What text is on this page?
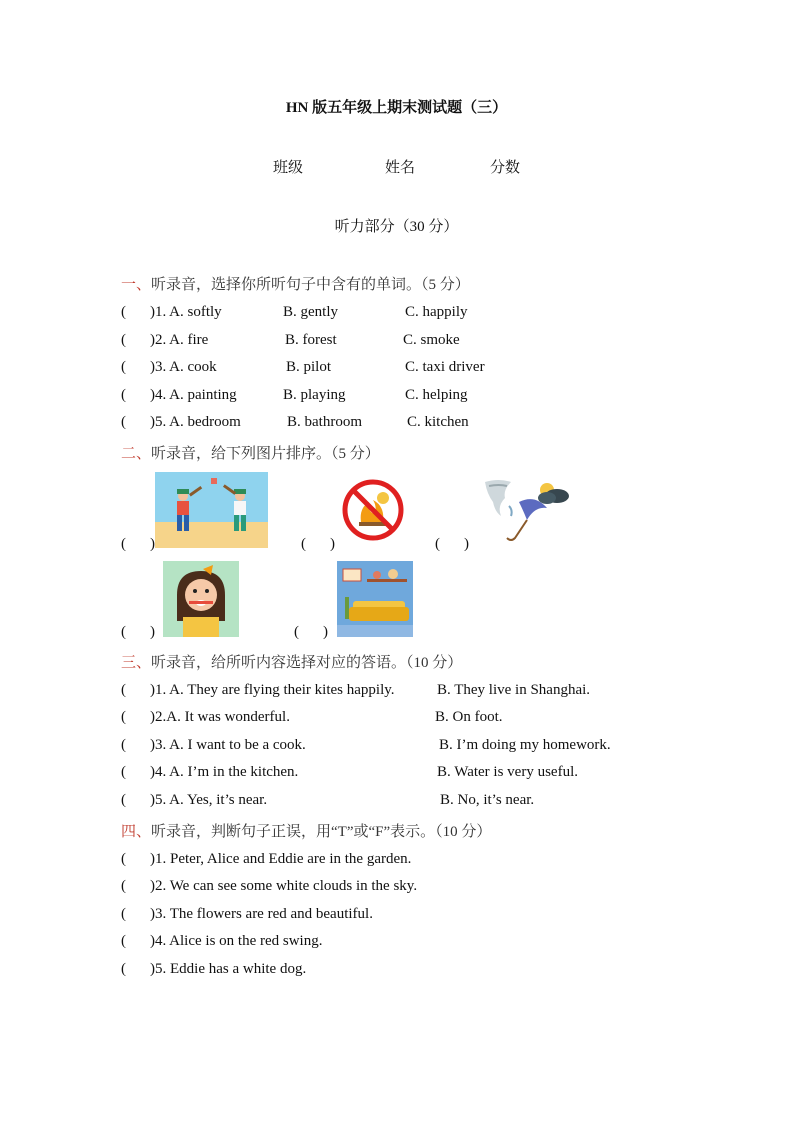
HN 版五年级上期末测试题（三）
班级	姓名	分数
听力部分（30 分）
一、听录音，选择你所听句子中含有的单词。（5 分）
( )1. A. softly	B. gently	C. happily
( )2. A. fire	B. forest	C. smoke
( )3. A. cook	B. pilot	C. taxi driver
( )4. A. painting	B. playing	C. helping
( )5. A. bedroom	B. bathroom	C. kitchen
二、听录音，给下列图片排序。（5 分）
( )	( )	( )
( )	( )
三、听录音，给所听内容选择对应的答语。（10 分）
( )1. A. They are flying their kites happily.	B. They live in Shanghai.
( )2.A. It was wonderful.	B. On foot.
( )3. A. I want to be a cook.	B. I’m doing my homework.
( )4. A. I’m in the kitchen.	B. Water is very useful.
( )5. A. Yes, it’s near.	B. No, it’s near.
四、听录音，判断句子正误，用“T”或“F”表示。（10 分）
( )1. Peter, Alice and Eddie are in the garden.
( )2. We can see some white clouds in the sky.
( )3. The flowers are red and beautiful.
( )4. Alice is on the red swing.
( )5. Eddie has a white dog.
